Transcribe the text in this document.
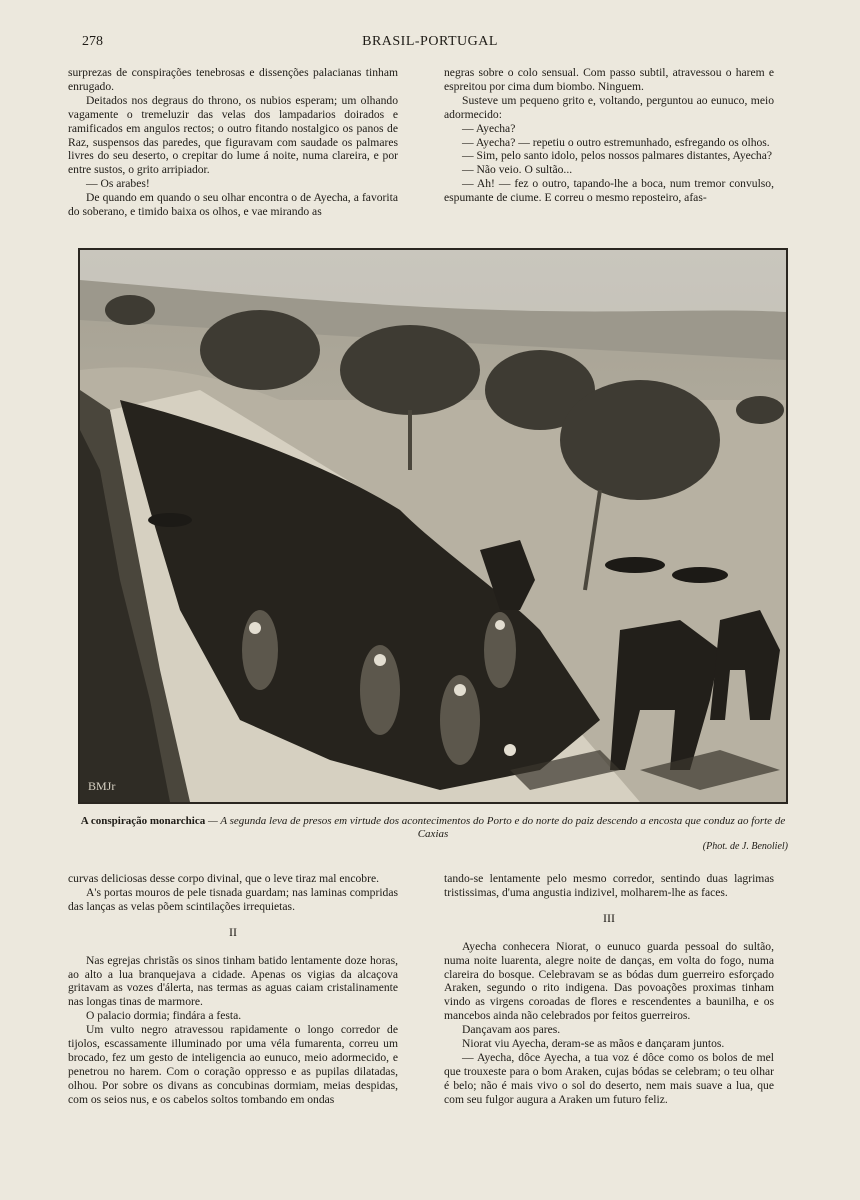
278	BRASIL-PORTUGAL

surprezas de conspirações tenebrosas e dissenções palacianas tinham enrugado.

Deitados nos degraus do throno, os nubios esperam; um olhando vagamente o tremeluzir das velas dos lampadarios doirados e ramificados em angulos rectos; o outro fitando nostalgico os panos de Raz, suspensos das paredes, que figuravam com saudade os palmares livres do seu deserto, o crepitar do lume á noite, numa clareira, e por entre sustos, o grito arripiador.

— Os arabes!

De quando em quando o seu olhar encontra o de Ayecha, a favorita do soberano, e timido baixa os olhos, e vae mirando as

negras sobre o colo sensual. Com passo subtil, atravessou o harem e espreitou por cima dum biombo. Ninguem.

Susteve um pequeno grito e, voltando, perguntou ao eunuco, meio adormecido:

— Ayecha?

— Ayecha? — repetiu o outro estremunhado, esfregando os olhos.

— Sim, pelo santo idolo, pelos nossos palmares distantes, Ayecha?

— Não veio. O sultão...

— Ah! — fez o outro, tapando-lhe a boca, num tremor convulso, espumante de ciume. E correu o mesmo reposteiro, afas-

BMJr
A conspiração monarchica — A segunda leva de presos em virtude dos acontecimentos do Porto e do norte do paiz descendo a encosta que conduz ao forte de Caxias
(Phot. de J. Benoliel)

curvas deliciosas desse corpo divinal, que o leve tiraz mal encobre.

A's portas mouros de pele tisnada guardam; nas laminas compridas das lanças as velas põem scintilações irrequietas.

II

Nas egrejas christãs os sinos tinham batido lentamente doze horas, ao alto a lua branquejava a cidade. Apenas os vigias da alcaçova gritavam as vozes d'álerta, nas termas as aguas caiam cristalinamente nas longas tinas de marmore.

O palacio dormia; findára a festa.

Um vulto negro atravessou rapidamente o longo corredor de tijolos, escassamente illuminado por uma véla fumarenta, correu um brocado, fez um gesto de inteligencia ao eunuco, meio adormecido, e penetrou no harem. Com o coração oppresso e as pupilas dilatadas, olhou. Por sobre os divans as concubinas dormiam, meias despidas, com os seios nus, e os cabelos soltos tombando em ondas

tando-se lentamente pelo mesmo corredor, sentindo duas lagrimas tristissimas, d'uma angustia indizivel, molharem-lhe as faces.

III

Ayecha conhecera Niorat, o eunuco guarda pessoal do sultão, numa noite luarenta, alegre noite de danças, em volta do fogo, numa clareira do bosque. Celebravam se as bódas dum guerreiro esforçado Araken, segundo o rito indigena. Das povoações proximas tinham vindo as virgens coroadas de flores e rescendentes a baunilha, e os mancebos ainda não celebrados por feitos guerreiros.

Dançavam aos pares.

Niorat viu Ayecha, deram-se as mãos e dançaram juntos.

— Ayecha, dôce Ayecha, a tua voz é dôce como os bolos de mel que trouxeste para o bom Araken, cujas bódas se celebram; o teu olhar é belo; não é mais vivo o sol do deserto, nem mais suave a lua, que com seu fulgor augura a Araken um futuro feliz.
